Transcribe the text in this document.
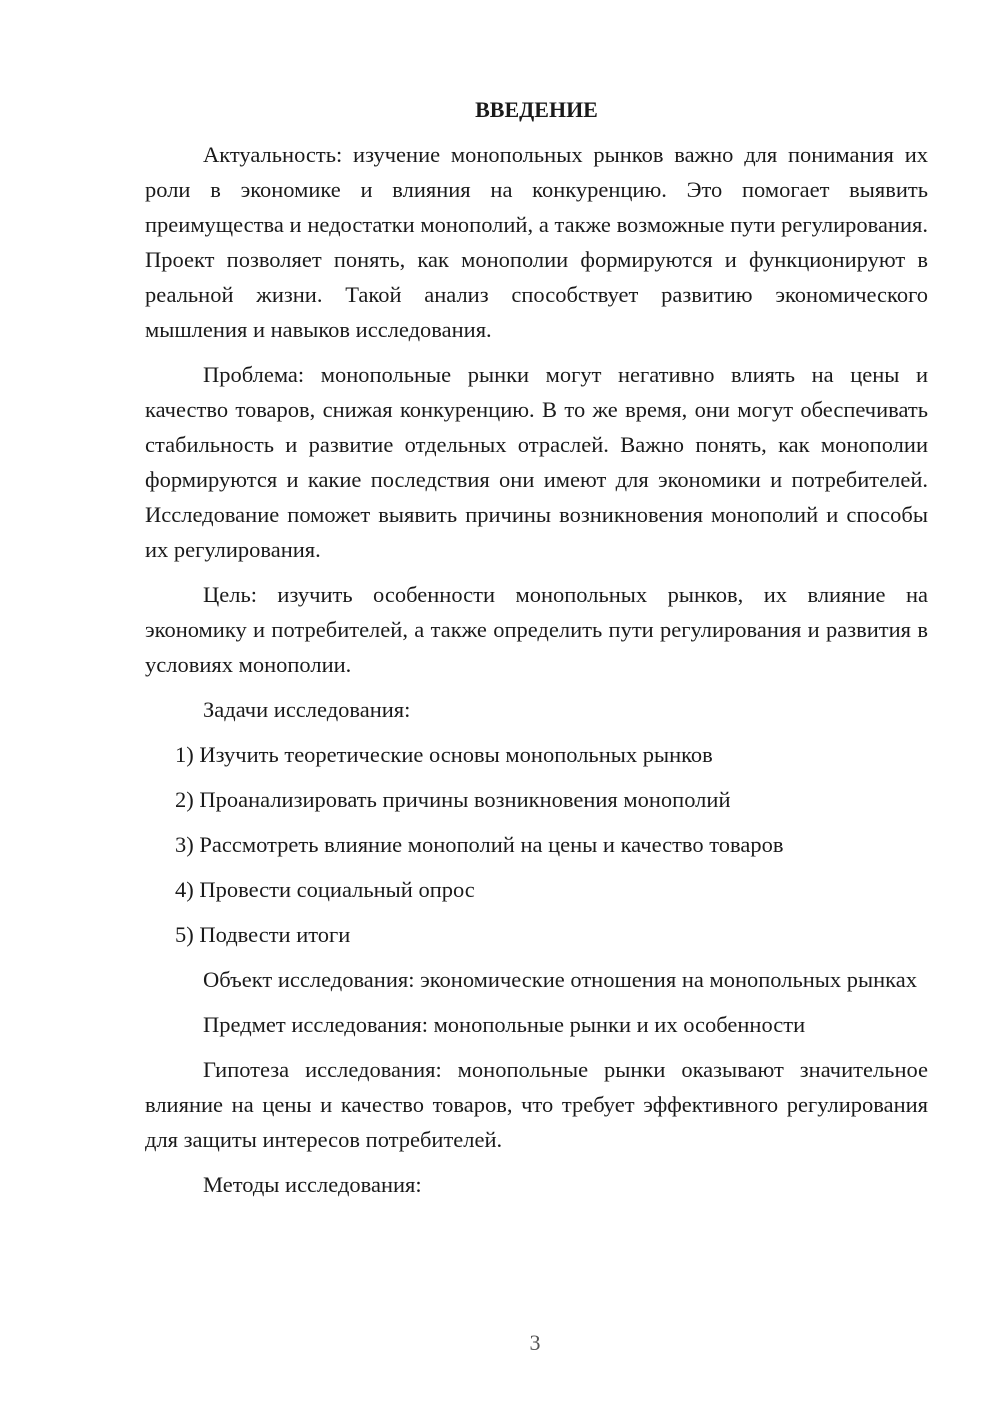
ВВЕДЕНИЕ

Актуальность: изучение монопольных рынков важно для понимания их роли в экономике и влияния на конкуренцию. Это помогает выявить преимущества и недостатки монополий, а также возможные пути регулирования. Проект позволяет понять, как монополии формируются и функционируют в реальной жизни. Такой анализ способствует развитию экономического мышления и навыков исследования.

Проблема: монопольные рынки могут негативно влиять на цены и качество товаров, снижая конкуренцию. В то же время, они могут обеспечивать стабильность и развитие отдельных отраслей. Важно понять, как монополии формируются и какие последствия они имеют для экономики и потребителей. Исследование поможет выявить причины возникновения монополий и способы их регулирования.

Цель: изучить особенности монопольных рынков, их влияние на экономику и потребителей, а также определить пути регулирования и развития в условиях монополии.

Задачи исследования:

1) Изучить теоретические основы монопольных рынков
2) Проанализировать причины возникновения монополий
3) Рассмотреть влияние монополий на цены и качество товаров
4) Провести социальный опрос
5) Подвести итоги

Объект исследования: экономические отношения на монопольных рынках

Предмет исследования: монопольные рынки и их особенности

Гипотеза исследования: монопольные рынки оказывают значительное влияние на цены и качество товаров, что требует эффективного регулирования для защиты интересов потребителей.

Методы исследования:

3
